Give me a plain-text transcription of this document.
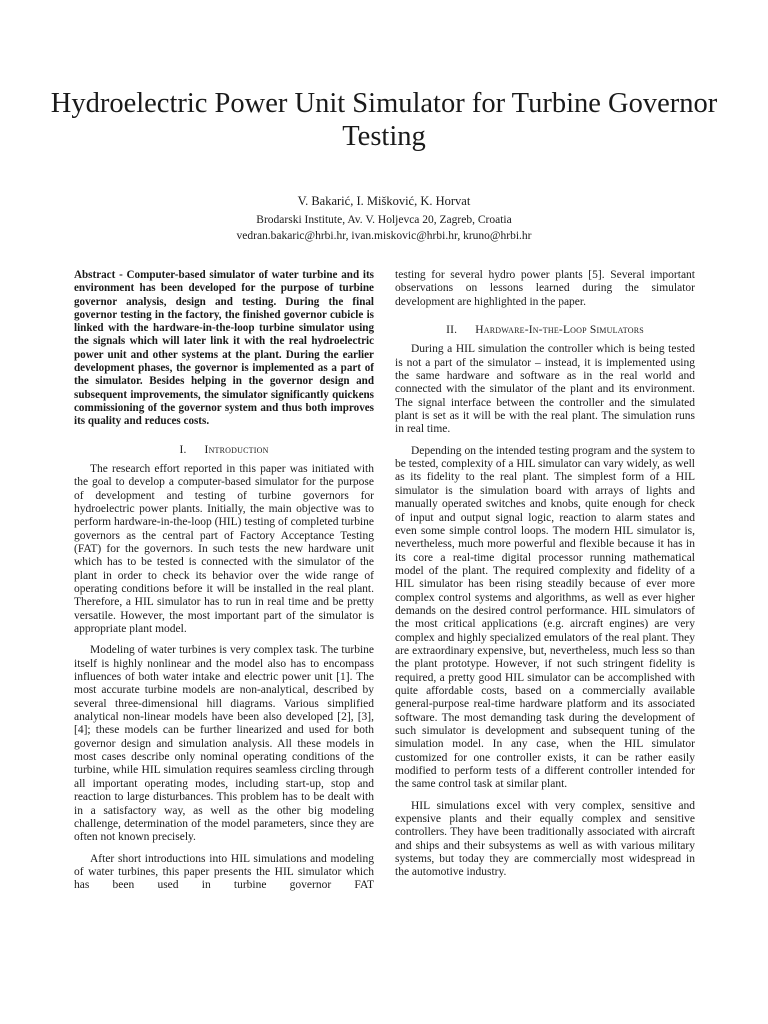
Hydroelectric Power Unit Simulator for Turbine Governor Testing

V. Bakarić, I. Mišković, K. Horvat

Brodarski Institute, Av. V. Holjevca 20, Zagreb, Croatia

vedran.bakaric@hrbi.hr, ivan.miskovic@hrbi.hr, kruno@hrbi.hr

Abstract - Computer-based simulator of water turbine and its environment has been developed for the purpose of turbine governor analysis, design and testing. During the final governor testing in the factory, the finished governor cubicle is linked with the hardware-in-the-loop turbine simulator using the signals which will later link it with the real hydroelectric power unit and other systems at the plant. During the earlier development phases, the governor is implemented as a part of the simulator. Besides helping in the governor design and subsequent improvements, the simulator significantly quickens commissioning of the governor system and thus both improves its quality and reduces costs.

I. Introduction

The research effort reported in this paper was initiated with the goal to develop a computer-based simulator for the purpose of development and testing of turbine governors for hydroelectric power plants. Initially, the main objective was to perform hardware-in-the-loop (HIL) testing of completed turbine governors as the central part of Factory Acceptance Testing (FAT) for the governors. In such tests the new hardware unit which has to be tested is connected with the simulator of the plant in order to check its behavior over the wide range of operating conditions before it will be installed in the real plant. Therefore, a HIL simulator has to run in real time and be pretty versatile. However, the most important part of the simulator is appropriate plant model.

Modeling of water turbines is very complex task. The turbine itself is highly nonlinear and the model also has to encompass influences of both water intake and electric power unit [1]. The most accurate turbine models are non-analytical, described by several three-dimensional hill diagrams. Various simplified analytical non-linear models have been also developed [2], [3], [4]; these models can be further linearized and used for both governor design and simulation analysis. All these models in most cases describe only nominal operating conditions of the turbine, while HIL simulation requires seamless circling through all important operating modes, including start-up, stop and reaction to large disturbances. This problem has to be dealt with in a satisfactory way, as well as the other big modeling challenge, determination of the model parameters, since they are often not known precisely.

After short introductions into HIL simulations and modeling of water turbines, this paper presents the HIL simulator which has been used in turbine governor FAT

testing for several hydro power plants [5]. Several important observations on lessons learned during the simulator development are highlighted in the paper.

II. Hardware-In-the-Loop Simulators

During a HIL simulation the controller which is being tested is not a part of the simulator – instead, it is implemented using the same hardware and software as in the real world and connected with the simulator of the plant and its environment. The signal interface between the controller and the simulated plant is set as it will be with the real plant. The simulation runs in real time.

Depending on the intended testing program and the system to be tested, complexity of a HIL simulator can vary widely, as well as its fidelity to the real plant. The simplest form of a HIL simulator is the simulation board with arrays of lights and manually operated switches and knobs, quite enough for check of input and output signal logic, reaction to alarm states and even some simple control loops. The modern HIL simulator is, nevertheless, much more powerful and flexible because it has in its core a real-time digital processor running mathematical model of the plant. The required complexity and fidelity of a HIL simulator has been rising steadily because of ever more complex control systems and algorithms, as well as ever higher demands on the desired control performance. HIL simulators of the most critical applications (e.g. aircraft engines) are very complex and highly specialized emulators of the real plant. They are extraordinary expensive, but, nevertheless, much less so than the plant prototype. However, if not such stringent fidelity is required, a pretty good HIL simulator can be accomplished with quite affordable costs, based on a commercially available general-purpose real-time hardware platform and its associated software. The most demanding task during the development of such simulator is development and subsequent tuning of the simulation model. In any case, when the HIL simulator customized for one controller exists, it can be rather easily modified to perform tests of a different controller intended for the same control task at similar plant.

HIL simulations excel with very complex, sensitive and expensive plants and their equally complex and sensitive controllers. They have been traditionally associated with aircraft and ships and their subsystems as well as with various military systems, but today they are commercially most widespread in the automotive industry.
